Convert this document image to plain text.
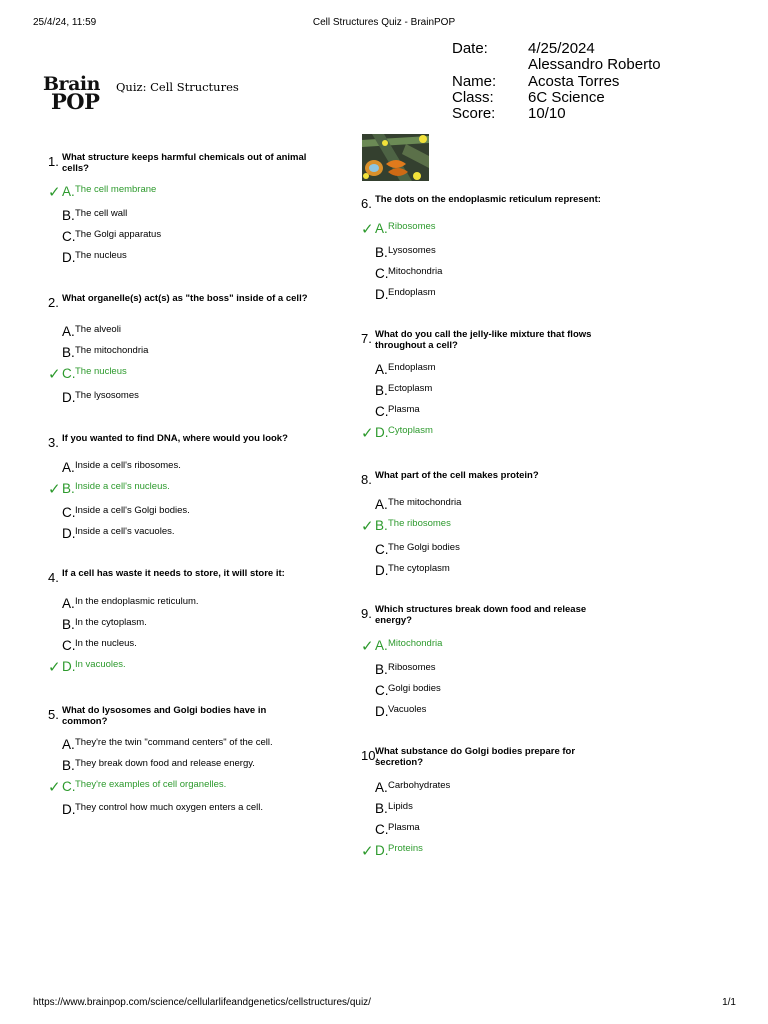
25/4/24, 11:59	Cell Structures Quiz - BrainPOP
Brain
POP
Quiz: Cell Structures
Date:	4/25/2024
Alessandro Roberto
Name:	Acosta Torres
Class:	6C Science
Score:	10/10
1. What structure keeps harmful chemicals out of animal cells?
✓ A. The cell membrane
B. The cell wall
C. The Golgi apparatus
D. The nucleus
2. What organelle(s) act(s) as "the boss" inside of a cell?
A. The alveoli
B. The mitochondria
✓ C. The nucleus
D. The lysosomes
3. If you wanted to find DNA, where would you look?
A. Inside a cell's ribosomes.
✓ B. Inside a cell's nucleus.
C. Inside a cell's Golgi bodies.
D. Inside a cell's vacuoles.
4. If a cell has waste it needs to store, it will store it:
A. In the endoplasmic reticulum.
B. In the cytoplasm.
C. In the nucleus.
✓ D. In vacuoles.
5. What do lysosomes and Golgi bodies have in common?
A. They're the twin "command centers" of the cell.
B. They break down food and release energy.
✓ C. They're examples of cell organelles.
D. They control how much oxygen enters a cell.
6. The dots on the endoplasmic reticulum represent:
✓ A. Ribosomes
B. Lysosomes
C. Mitochondria
D. Endoplasm
7. What do you call the jelly-like mixture that flows throughout a cell?
A. Endoplasm
B. Ectoplasm
C. Plasma
✓ D. Cytoplasm
8. What part of the cell makes protein?
A. The mitochondria
✓ B. The ribosomes
C. The Golgi bodies
D. The cytoplasm
9. Which structures break down food and release energy?
✓ A. Mitochondria
B. Ribosomes
C. Golgi bodies
D. Vacuoles
10.
What substance do Golgi bodies prepare for secretion?
A. Carbohydrates
B. Lipids
C. Plasma
✓ D. Proteins
https://www.brainpop.com/science/cellularlifeandgenetics/cellstructures/quiz/	1/1
